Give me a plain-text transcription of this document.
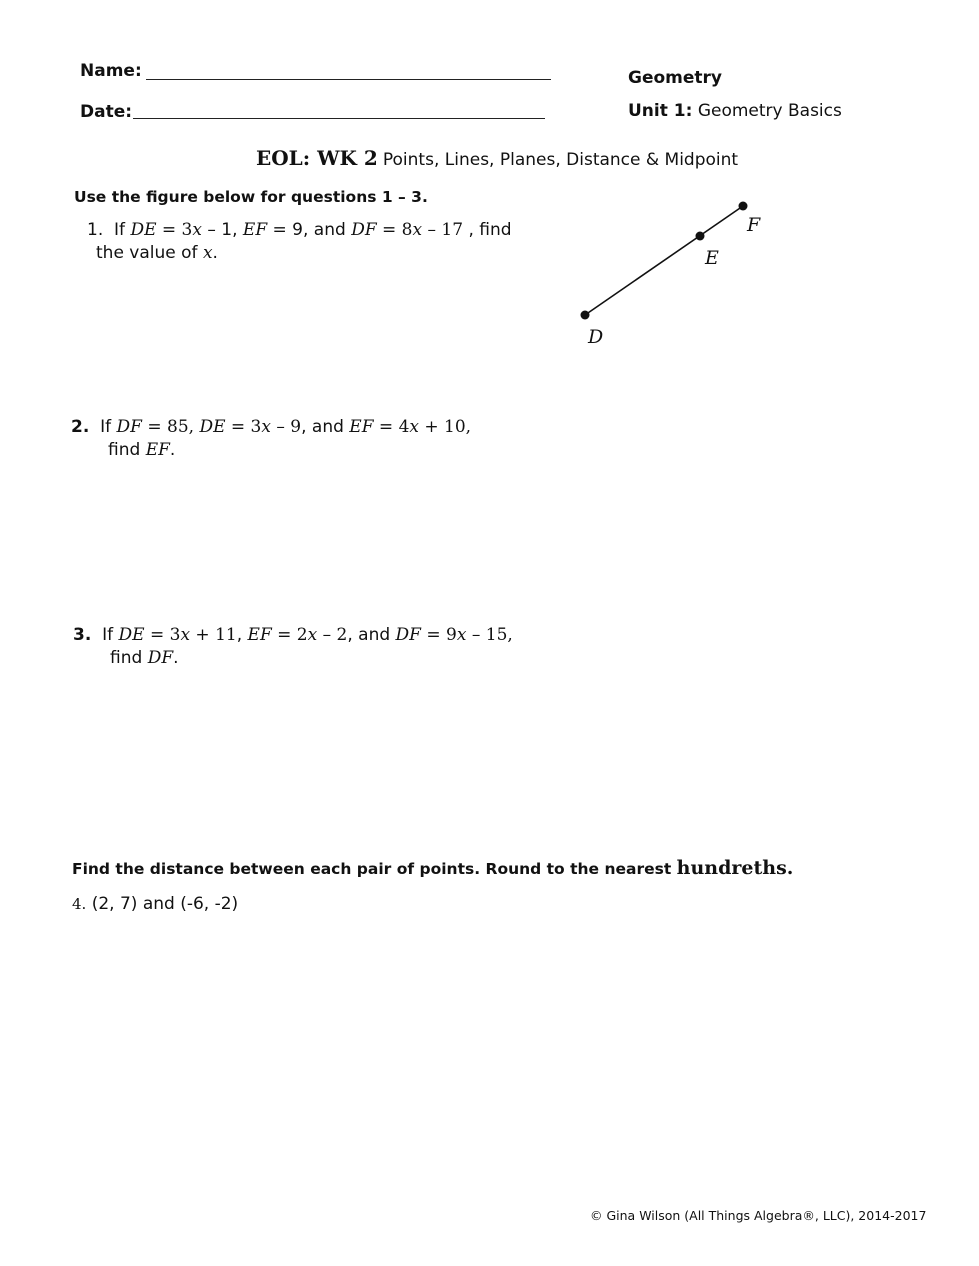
Name:
Date:
Geometry
Unit 1: Geometry Basics
EOL: WK 2 Points, Lines, Planes, Distance & Midpoint
Use the figure below for questions 1 – 3.
1. If DE = 3x – 1, EF = 9, and DF = 8x – 17 , find
the value of x.
D
E
F
2. If DF = 85, DE = 3x – 9, and EF = 4x + 10,
find EF.
3. If DE = 3x + 11, EF = 2x – 2, and DF = 9x – 15,
find DF.
Find the distance between each pair of points. Round to the nearest hundreths.
4. (2, 7) and (-6, -2)
© Gina Wilson (All Things Algebra®, LLC), 2014-2017
